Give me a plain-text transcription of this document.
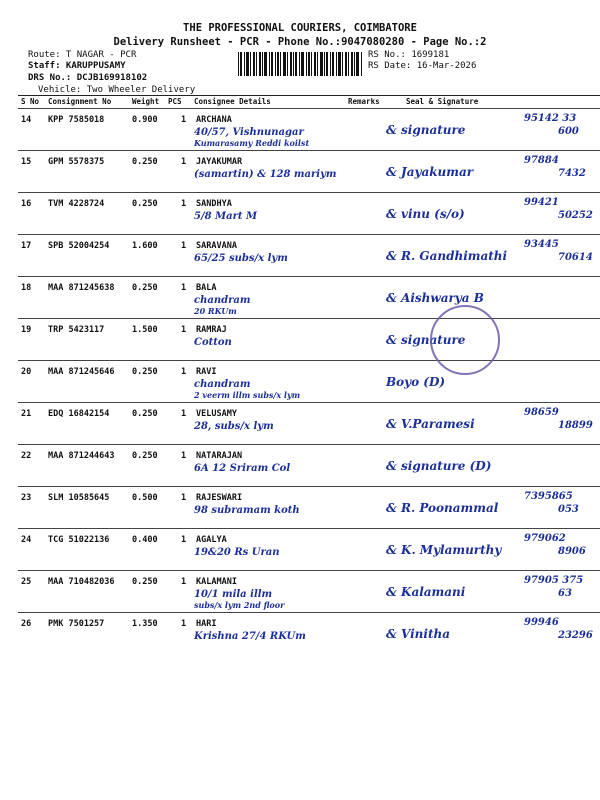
THE PROFESSIONAL COURIERS, COIMBATORE
Delivery Runsheet - PCR - Phone No.:9047080280 - Page No.:2
Route: T NAGAR - PCR
Staff: KARUPPUSAMY
DRS No.: DCJB169918102
Vehicle: Two Wheeler Delivery
RS No.: 1699181
RS Date: 16-Mar-2026
S No Consignment No	Weight PCS Consignee Details	Remarks	Seal & Signature
14 KPP 7585018	0.900	1 ARCHANA
40/57, Vishnunagar
Kumarasamy Reddi koilst
& signature
95142 33
600
15 GPM 5578375	0.250	1 JAYAKUMAR
(samartin) & 128 mariym	& Jayakumar
97884
7432
16 TVM 4228724	0.250	1 SANDHYA
5/8 Mart M	& vinu (s/o)
99421
50252
17 SPB 52004254	1.600	1 SARAVANA
65/25 subs/x lym	& R. Gandhimathi
93445
70614
18 MAA 871245638 0.250	1 BALA
chandram
20 RKUm
& Aishwarya B
19 TRP 5423117	1.500	1 RAMRAJ
Cotton	& signature
20 MAA 871245646 0.250	1 RAVI
chandram
2 veerm illm subs/x lym
Boyo (D)
21 EDQ 16842154	0.250	1 VELUSAMY
28, subs/x lym	& V.Paramesi
98659
18899
22 MAA 871244643 0.250	1 NATARAJAN
6A 12 Sriram Col	& signature (D)
23 SLM 10585645	0.500	1 RAJESWARI
98 subramam koth	& R. Poonammal
7395865
053
24 TCG 51022136	0.400	1 AGALYA
19&20 Rs Uran	& K. Mylamurthy
979062
8906
25 MAA 710482036 0.250	1 KALAMANI
10/1 mila illm
subs/x lym 2nd floor
& Kalamani
97905 375
63
26 PMK 7501257	1.350	1 HARI
Krishna 27/4 RKUm	& Vinitha
99946
23296
